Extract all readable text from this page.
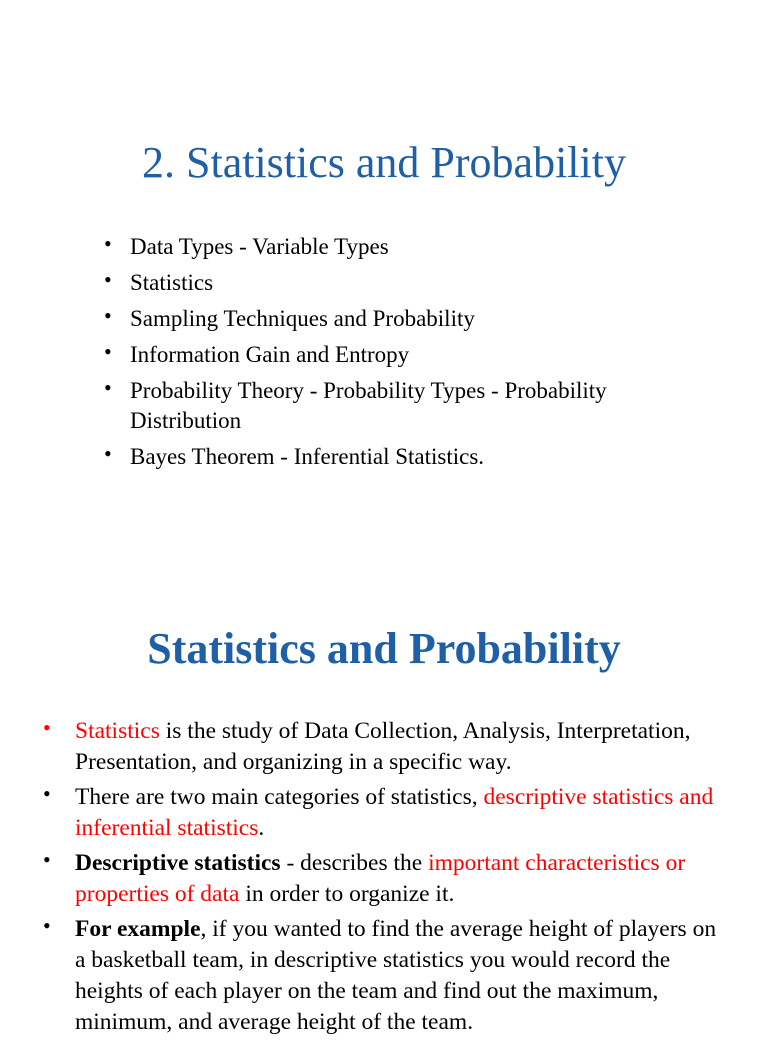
2. Statistics and Probability
• Data Types - Variable Types
• Statistics
• Sampling Techniques and Probability
• Information Gain and Entropy
• Probability Theory - Probability Types - Probability Distribution
• Bayes Theorem - Inferential Statistics.
Statistics and Probability
• Statistics is the study of Data Collection, Analysis, Interpretation, Presentation, and organizing in a specific way.
• There are two main categories of statistics, descriptive statistics and inferential statistics.
• Descriptive statistics - describes the important characteristics or properties of data in order to organize it.
• For example, if you wanted to find the average height of players on a basketball team, in descriptive statistics you would record the heights of each player on the team and find out the maximum, minimum, and average height of the team.
